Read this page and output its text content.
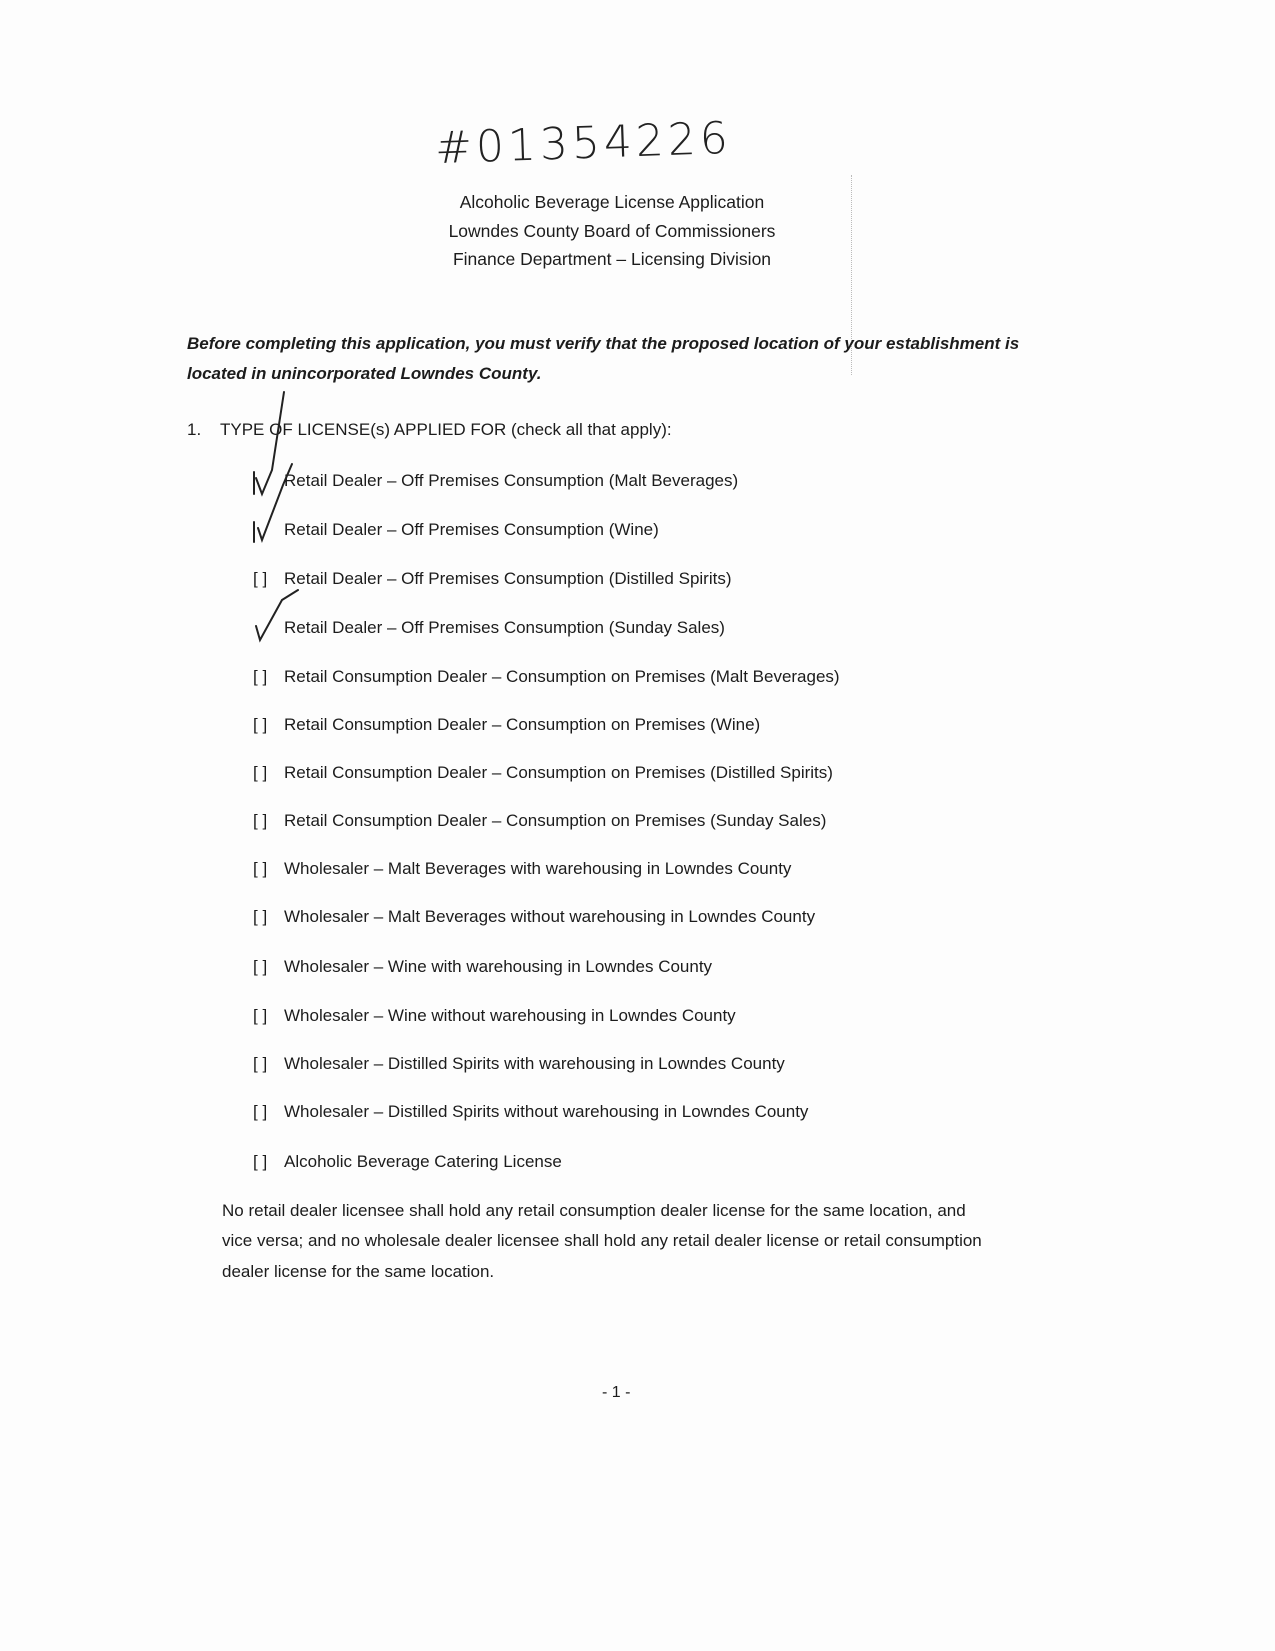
#01354226
Alcoholic Beverage License Application
Lowndes County Board of Commissioners
Finance Department – Licensing Division
Before completing this application, you must verify that the proposed location of your establishment is
located in unincorporated Lowndes County.
1. TYPE OF LICENSE(s) APPLIED FOR (check all that apply):
Retail Dealer – Off Premises Consumption (Malt Beverages)
Retail Dealer – Off Premises Consumption (Wine)
[ ] Retail Dealer – Off Premises Consumption (Distilled Spirits)
Retail Dealer – Off Premises Consumption (Sunday Sales)
[ ] Retail Consumption Dealer – Consumption on Premises (Malt Beverages)
[ ] Retail Consumption Dealer – Consumption on Premises (Wine)
[ ] Retail Consumption Dealer – Consumption on Premises (Distilled Spirits)
[ ] Retail Consumption Dealer – Consumption on Premises (Sunday Sales)
[ ] Wholesaler – Malt Beverages with warehousing in Lowndes County
[ ] Wholesaler – Malt Beverages without warehousing in Lowndes County
[ ] Wholesaler – Wine with warehousing in Lowndes County
[ ] Wholesaler – Wine without warehousing in Lowndes County
[ ] Wholesaler – Distilled Spirits with warehousing in Lowndes County
[ ] Wholesaler – Distilled Spirits without warehousing in Lowndes County
[ ] Alcoholic Beverage Catering License
No retail dealer licensee shall hold any retail consumption dealer license for the same location, and
vice versa; and no wholesale dealer licensee shall hold any retail dealer license or retail consumption
dealer license for the same location.
- 1 -
